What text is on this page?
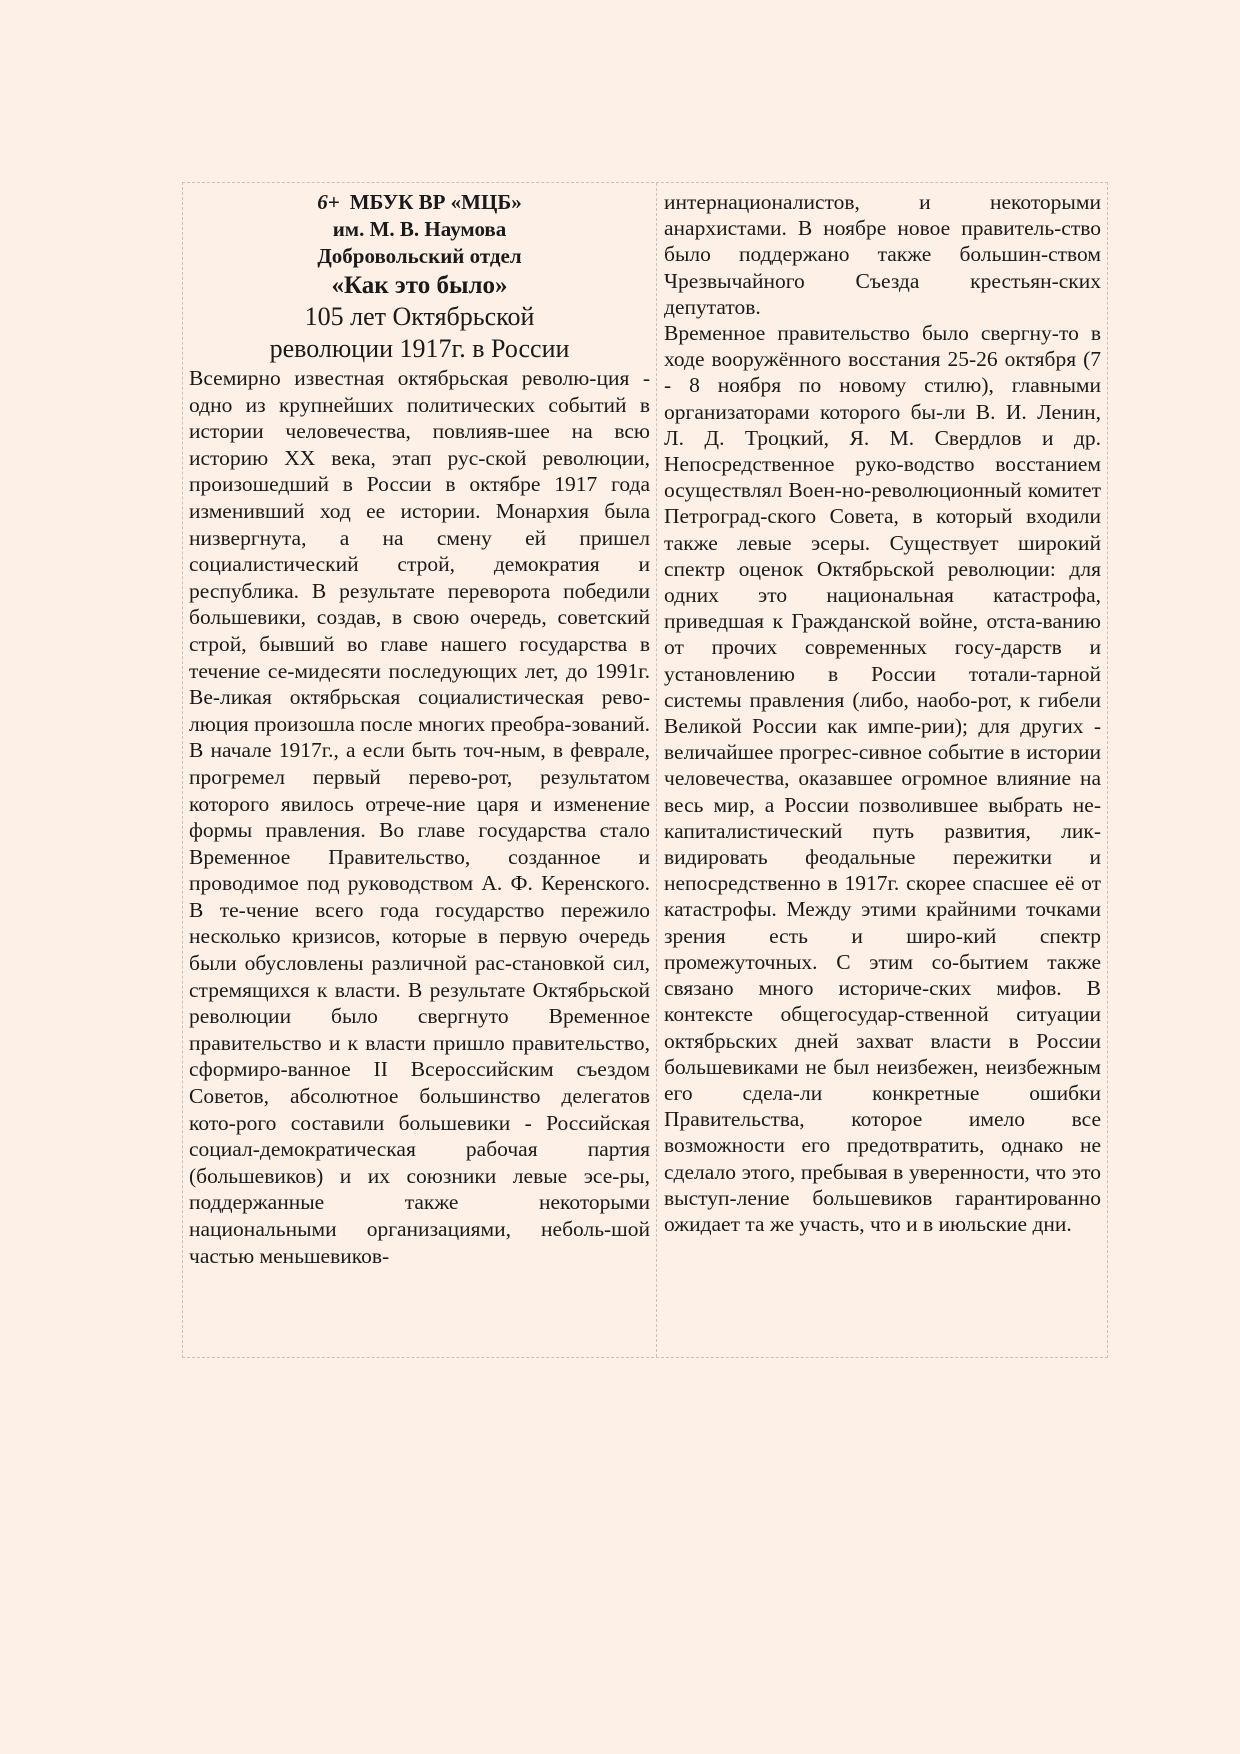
6+ МБУК ВР «МЦБ»

им. М. В. Наумова

Добровольский отдел

«Как это было»

105 лет Октябрьской

революции 1917г. в России

Всемирно известная октябрьская револю-ция - одно из крупнейших политических событий в истории человечества, повлияв-шее на всю историю XX века, этап рус-ской революции, произошедший в России в октябре 1917 года изменивший ход ее истории. Монархия была низвергнута, а на смену ей пришел социалистический строй, демократия и республика. В результате переворота победили большевики, создав, в свою очередь, советский строй, бывший во главе нашего государства в течение се-мидесяти последующих лет, до 1991г. Ве-ликая октябрьская социалистическая рево-люция произошла после многих преобра-зований. В начале 1917г., а если быть точ-ным, в феврале, прогремел первый перево-рот, результатом которого явилось отрече-ние царя и изменение формы правления. Во главе государства стало Временное Правительство, созданное и проводимое под руководством А. Ф. Керенского. В те-чение всего года государство пережило несколько кризисов, которые в первую очередь были обусловлены различной рас-становкой сил, стремящихся к власти. В результате Октябрьской революции было свергнуто Временное правительство и к власти пришло правительство, сформиро-ванное II Всероссийским съездом Советов, абсолютное большинство делегатов кото-рого составили большевики - Российская социал-демократическая рабочая партия (большевиков) и их союзники левые эсе-ры, поддержанные также некоторыми национальными организациями, неболь-шой частью меньшевиков-

интернационалистов, и некоторыми анархистами. В ноябре новое правитель-ство было поддержано также большин-ством Чрезвычайного Съезда крестьян-ских депутатов.

Временное правительство было свергну-то в ходе вооружённого восстания 25-26 октября (7 - 8 ноября по новому стилю), главными организаторами которого бы-ли В. И. Ленин, Л. Д. Троцкий, Я. М. Свердлов и др. Непосредственное руко-водство восстанием осуществлял Воен-но-революционный комитет Петроград-ского Совета, в который входили также левые эсеры. Существует широкий спектр оценок Октябрьской революции: для одних это национальная катастрофа, приведшая к Гражданской войне, отста-ванию от прочих современных госу-дарств и установлению в России тотали-тарной системы правления (либо, наобо-рот, к гибели Великой России как импе-рии); для других - величайшее прогрес-сивное событие в истории человечества, оказавшее огромное влияние на весь мир, а России позволившее выбрать не-капиталистический путь развития, лик-видировать феодальные пережитки и непосредственно в 1917г. скорее спасшее её от катастрофы. Между этими крайними точками зрения есть и широ-кий спектр промежуточных. С этим со-бытием также связано много историче-ских мифов. В контексте общегосудар-ственной ситуации октябрьских дней захват власти в России большевиками не был неизбежен, неизбежным его сдела-ли конкретные ошибки Правительства, которое имело все возможности его предотвратить, однако не сделало этого, пребывая в уверенности, что это выступ-ление большевиков гарантированно ожидает та же участь, что и в июльские дни.
